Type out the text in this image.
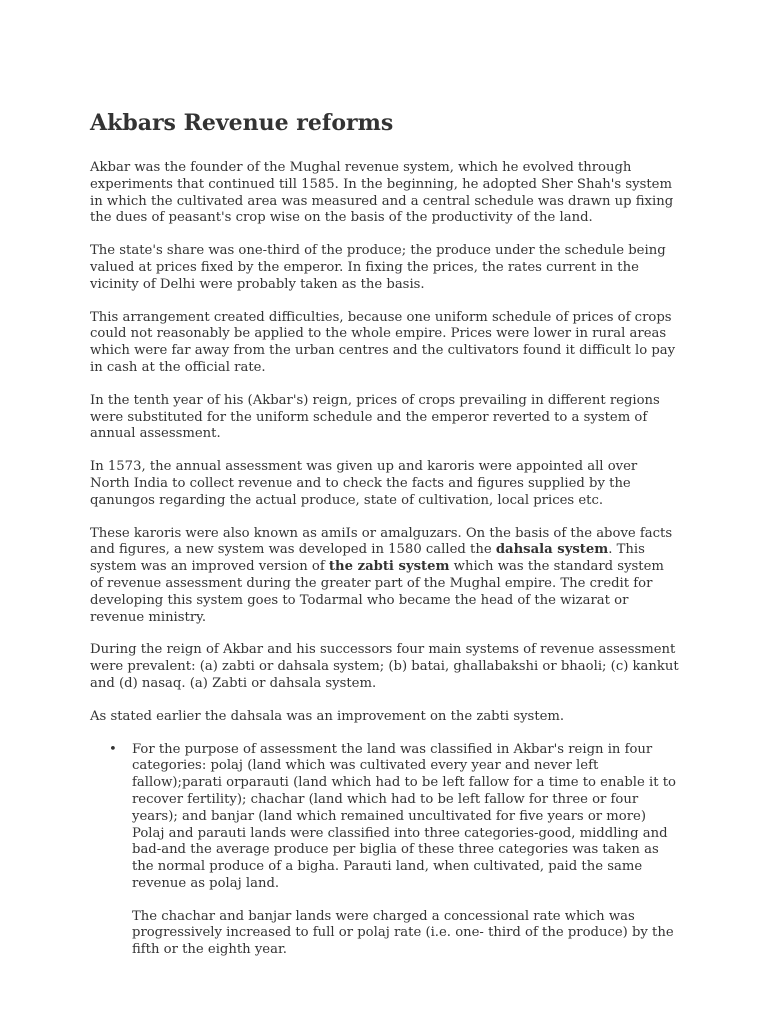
Akbars Revenue reforms

Akbar was the founder of the Mughal revenue system, which he evolved through experiments that continued till 1585. In the beginning, he adopted Sher Shah's system in which the cultivated area was measured and a central schedule was drawn up fixing the dues of peasant's crop wise on the basis of the productivity of the land.

The state's share was one-third of the produce; the produce under the schedule being valued at prices fixed by the emperor. In fixing the prices, the rates current in the vicinity of Delhi were probably taken as the basis.

This arrangement created difficulties, because one uniform schedule of prices of crops could not reasonably be applied to the whole empire. Prices were lower in rural areas which were far away from the urban centres and the cultivators found it difficult lo pay in cash at the official rate.

In the tenth year of his (Akbar's) reign, prices of crops prevailing in different regions were substituted for the uniform schedule and the emperor reverted to a system of annual assessment.

In 1573, the annual assessment was given up and karoris were appointed all over North India to collect revenue and to check the facts and figures supplied by the qanungos regarding the actual produce, state of cultivation, local prices etc.

These karoris were also known as amiIs or amalguzars. On the basis of the above facts and figures, a new system was developed in 1580 called the dahsala system. This system was an improved version of the zabti system which was the standard system of revenue assessment during the greater part of the Mughal empire. The credit for developing this system goes to Todarmal who became the head of the wizarat or revenue ministry.

During the reign of Akbar and his successors four main systems of revenue assessment were prevalent: (a) zabti or dahsala system; (b) batai, ghallabakshi or bhaoli; (c) kankut and (d) nasaq. (a) Zabti or dahsala system.

As stated earlier the dahsala was an improvement on the zabti system.

• For the purpose of assessment the land was classified in Akbar's reign in four categories: polaj (land which was cultivated every year and never left fallow);parati orparauti (land which had to be left fallow for a time to enable it to recover fertility); chachar (land which had to be left fallow for three or four years); and banjar (land which remained uncultivated for five years or more) Polaj and parauti lands were classified into three categories-good, middling and bad-and the average produce per biglia of these three categories was taken as the normal produce of a bigha. Parauti land, when cultivated, paid the same revenue as polaj land.

The chachar and banjar lands were charged a concessional rate which was progressively increased to full or polaj rate (i.e. one- third of the produce) by the fifth or the eighth year.
